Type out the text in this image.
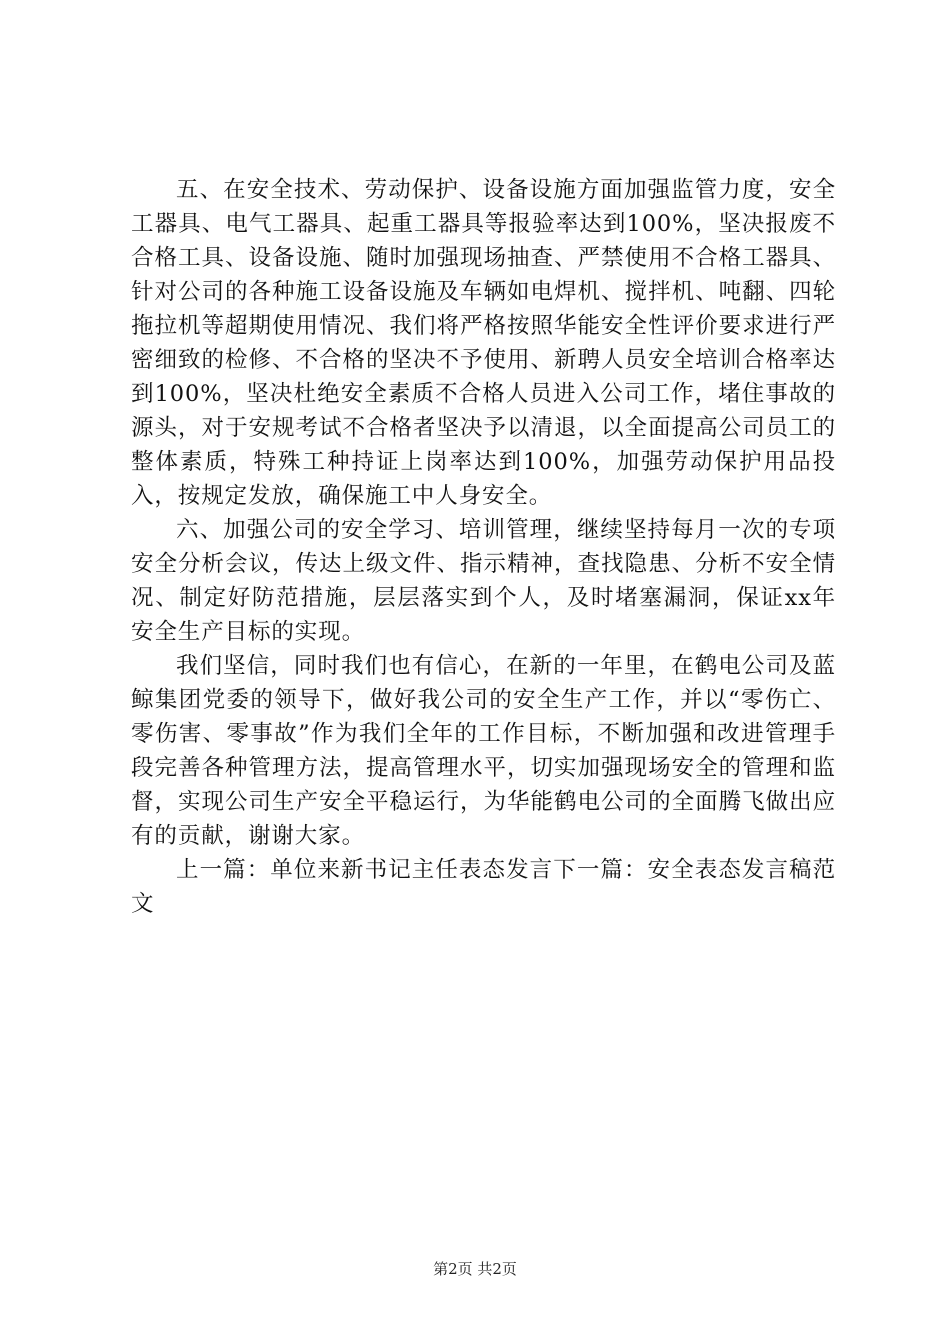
五、在安全技术、劳动保护、设备设施方面加强监管力度，安全工器具、电气工器具、起重工器具等报验率达到100%，坚决报废不合格工具、设备设施、随时加强现场抽查、严禁使用不合格工器具、针对公司的各种施工设备设施及车辆如电焊机、搅拌机、吨翻、四轮拖拉机等超期使用情况、我们将严格按照华能安全性评价要求进行严密细致的检修、不合格的坚决不予使用、新聘人员安全培训合格率达到100%，坚决杜绝安全素质不合格人员进入公司工作，堵住事故的源头，对于安规考试不合格者坚决予以清退，以全面提高公司员工的整体素质，特殊工种持证上岗率达到100%，加强劳动保护用品投入，按规定发放，确保施工中人身安全。

六、加强公司的安全学习、培训管理，继续坚持每月一次的专项安全分析会议，传达上级文件、指示精神，查找隐患、分析不安全情况、制定好防范措施，层层落实到个人，及时堵塞漏洞，保证xx年安全生产目标的实现。

我们坚信，同时我们也有信心，在新的一年里，在鹤电公司及蓝鲸集团党委的领导下，做好我公司的安全生产工作，并以“零伤亡、零伤害、零事故”作为我们全年的工作目标，不断加强和改进管理手段完善各种管理方法，提高管理水平，切实加强现场安全的管理和监督，实现公司生产安全平稳运行，为华能鹤电公司的全面腾飞做出应有的贡献，谢谢大家。

上一篇：单位来新书记主任表态发言下一篇：安全表态发言稿范文

第2页 共2页
